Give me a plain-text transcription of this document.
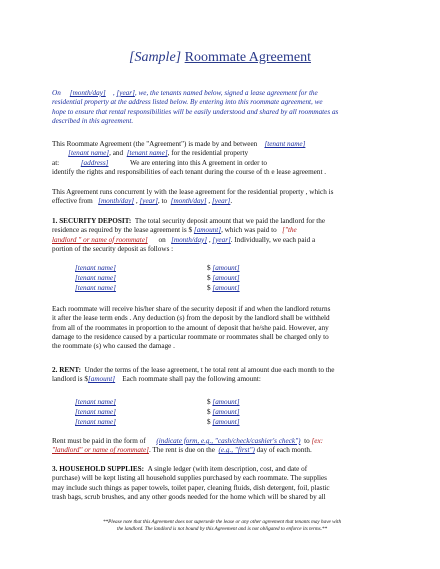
[Sample] Roommate Agreement
On [month/day] , [year], we, the tenants named below, signed a lease agreement for the
residential property at the address listed below. By entering into this roommate agreement, we
hope to ensure that rental responsibilities will be easily understood and shared by all roommates as
described in this agreement.
This Roommate Agreement (the "Agreement") is made by and between [tenant name]
[tenant name], and [tenant name], for the residential property
at:	[address]	We are entering into this A greement in order to
identify the rights and responsibilities of each tenant during the course of th e lease agreement .
This Agreement runs concurrent ly with the lease agreement for the residential property , which is
effective from [month/day] , [year], to [month/day] , [year].
1. SECURITY DEPOSIT: The total security deposit amount that we paid the landlord for the
residence as required by the lease agreement is $ [amount], which was paid to ["the
landlord " or name of roommate] on [month/day] , [year]. Individually, we each paid a
portion of the security deposit as follows :
[tenant name]	$ [amount]
[tenant name]	$ [amount]
[tenant name]	$ [amount]
Each roommate will receive his/her share of the security deposit if and when the landlord returns
it after the lease term ends . Any deduction (s) from the deposit by the landlord shall be withheld
from all of the roommates in proportion to the amount of deposit that he/she paid. However, any
damage to the residence caused by a particular roommate or roommates shall be charged only to
the roommate (s) who caused the damage .
2. RENT: Under the terms of the lease agreement, t he total rent al amount due each month to the
landlord is $[amount] Each roommate shall pay the following amount:
[tenant name]	$ [amount]
[tenant name]	$ [amount]
[tenant name]	$ [amount]
Rent must be paid in the form of (indicate form, e.g., "cash/check/cashier's check") to [ex:
"landlord" or name of roommate]. The rent is due on the (e.g., "first") day of each month.
3. HOUSEHOLD SUPPLIES: A single ledger (with item description, cost, and date of
purchase) will be kept listing all household supplies purchased by each roommate. The supplies
may include such things as paper towels, toilet paper, cleaning fluids, dish detergent, foil, plastic
trash bags, scrub brushes, and any other goods needed for the home which will be shared by all
**Please note that this Agreement does not supersede the lease or any other agreement that tenants may have with
the landlord. The landlord is not bound by this Agreement and is not obligated to enforce its terms.**
